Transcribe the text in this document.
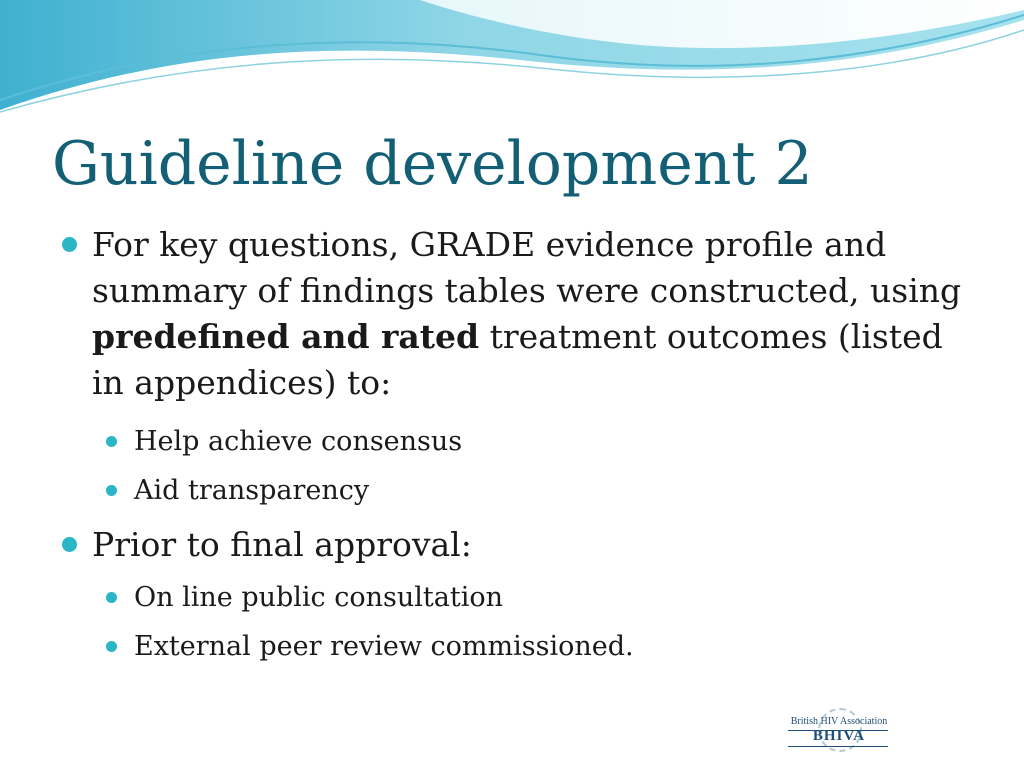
Guideline development 2
For key questions, GRADE evidence profile and summary of findings tables were constructed, using predefined and rated treatment outcomes (listed in appendices) to:
Help achieve consensus
Aid transparency
Prior to final approval:
On line public consultation
External peer review commissioned.
British HIV Association
BHIVA
